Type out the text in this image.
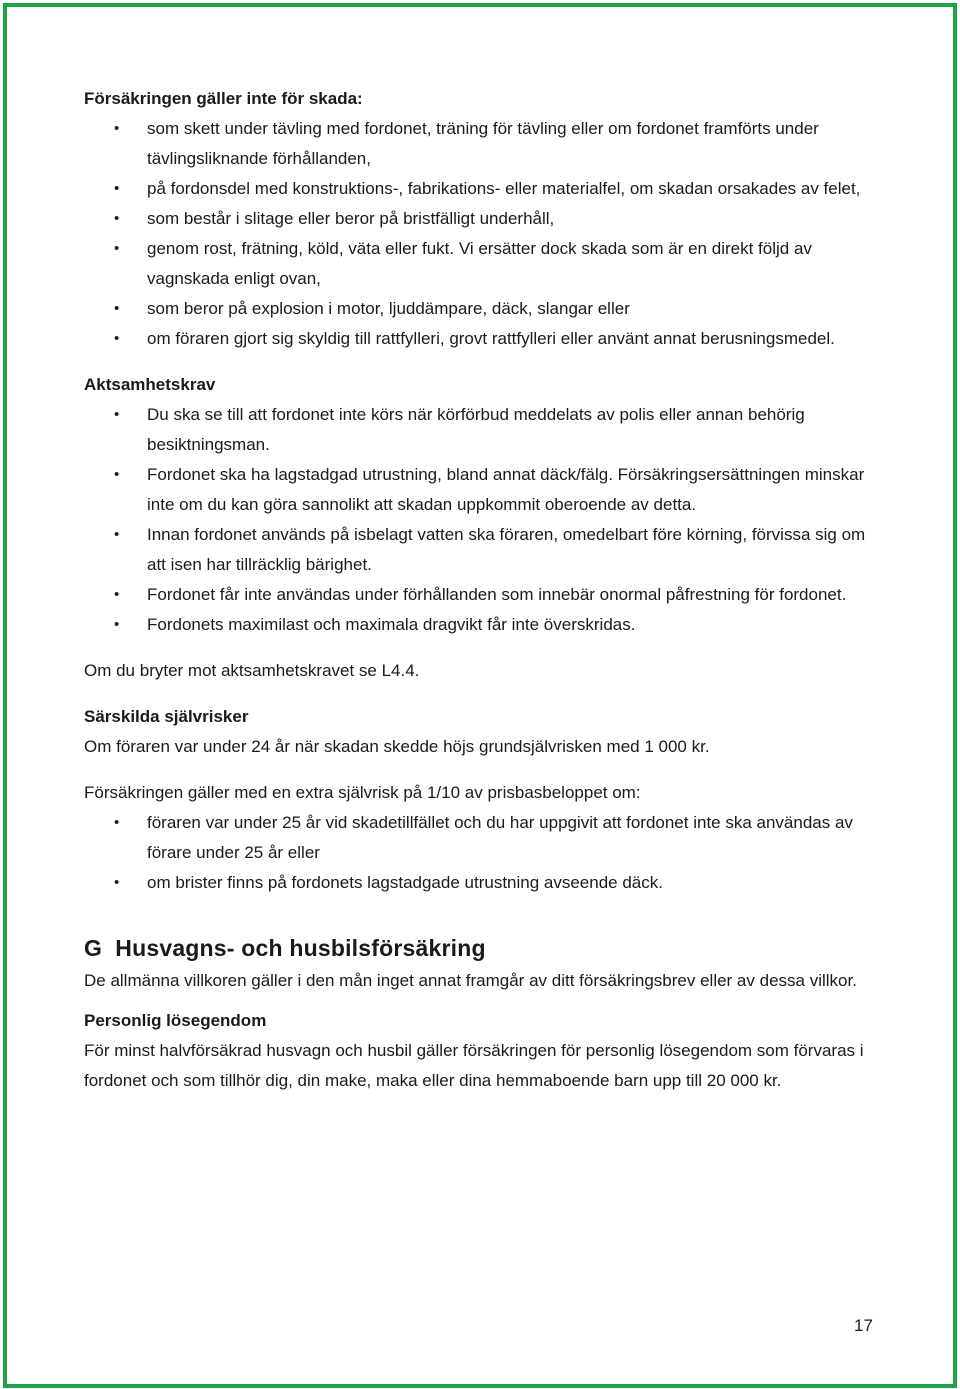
Försäkringen gäller inte för skada:

• som skett under tävling med fordonet, träning för tävling eller om fordonet framförts under tävlingsliknande förhållanden,
• på fordonsdel med konstruktions-, fabrikations- eller materialfel, om skadan orsakades av felet,
• som består i slitage eller beror på bristfälligt underhåll,
• genom rost, frätning, köld, väta eller fukt. Vi ersätter dock skada som är en direkt följd av vagnskada enligt ovan,
• som beror på explosion i motor, ljuddämpare, däck, slangar eller
• om föraren gjort sig skyldig till rattfylleri, grovt rattfylleri eller använt annat berusningsmedel.

Aktsamhetskrav

• Du ska se till att fordonet inte körs när körförbud meddelats av polis eller annan behörig besiktningsman.
• Fordonet ska ha lagstadgad utrustning, bland annat däck/fälg. Försäkringsersättningen minskar inte om du kan göra sannolikt att skadan uppkommit oberoende av detta.
• Innan fordonet används på isbelagt vatten ska föraren, omedelbart före körning, förvissa sig om att isen har tillräcklig bärighet.
• Fordonet får inte användas under förhållanden som innebär onormal påfrestning för fordonet.
• Fordonets maximilast och maximala dragvikt får inte överskridas.

Om du bryter mot aktsamhetskravet se L4.4.

Särskilda självrisker

Om föraren var under 24 år när skadan skedde höjs grundsjälvrisken med 1 000 kr.

Försäkringen gäller med en extra självrisk på 1/10 av prisbasbeloppet om:

• föraren var under 25 år vid skadetillfället och du har uppgivit att fordonet inte ska användas av förare under 25 år eller
• om brister finns på fordonets lagstadgade utrustning avseende däck.

G  Husvagns- och husbilsförsäkring

De allmänna villkoren gäller i den mån inget annat framgår av ditt försäkringsbrev eller av dessa villkor.

Personlig lösegendom

För minst halvförsäkrad husvagn och husbil gäller försäkringen för personlig lösegendom som förvaras i fordonet och som tillhör dig, din make, maka eller dina hemmaboende barn upp till 20 000 kr.

17
